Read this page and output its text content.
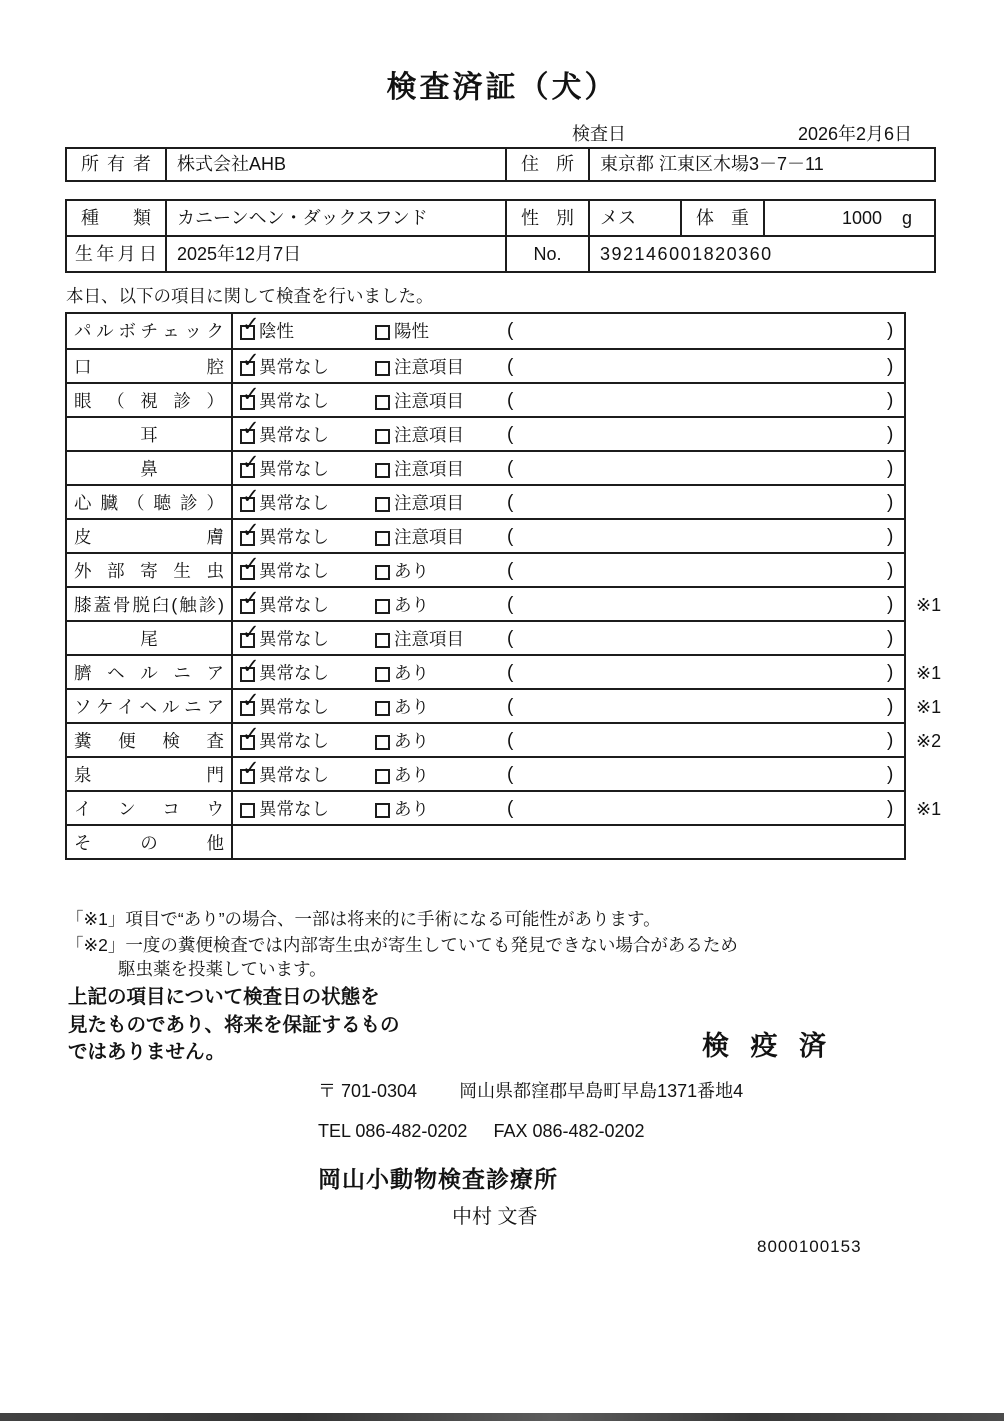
検査済証（犬）
検査日	2026年2月6日
所有者	株式会社AHB	住所	東京都 江東区木場3－7－11
種類	カニーンヘン・ダックスフンド	性別	メス	体重	1000 g
生年月日	2025年12月7日	No.	392146001820360
本日、以下の項目に関して検査を行いました。
パルボチェック ✓	陰性	陽性	(	)
口腔 ✓	異常なし	注意項目 (	)
眼（視診） ✓	異常なし	注意項目 (	)
耳 ✓	異常なし	注意項目 (	)
鼻 ✓	異常なし	注意項目 (	)
心臓（聴診） ✓	異常なし	注意項目 (	)
皮膚 ✓	異常なし	注意項目 (	)
外部寄生虫 ✓	異常なし	あり	(	)
膝蓋骨脱臼(触診) ✓	異常なし	あり	(	) ※1
尾 ✓	異常なし	注意項目 (	)
臍ヘルニア ✓	異常なし	あり	(	) ※1
ソケイヘルニア ✓	異常なし	あり	(	) ※1
糞便検査 ✓	異常なし	あり	(	) ※2
泉門 ✓	異常なし	あり	(	)
インコウ	異常なし	あり	(	) ※1
その他
「※1」項目で“あり”の場合、一部は将来的に手術になる可能性があります。
「※2」一度の糞便検査では内部寄生虫が寄生していても発見できない場合があるため
駆虫薬を投薬しています。
上記の項目について検査日の状態を
見たものであり、将来を保証するもの
ではありません。	検 疫 済
〒 701-0304 岡山県都窪郡早島町早島1371番地4
TEL 086-482-0202 FAX 086-482-0202
岡山小動物検査診療所
中村 文香
8000100153
